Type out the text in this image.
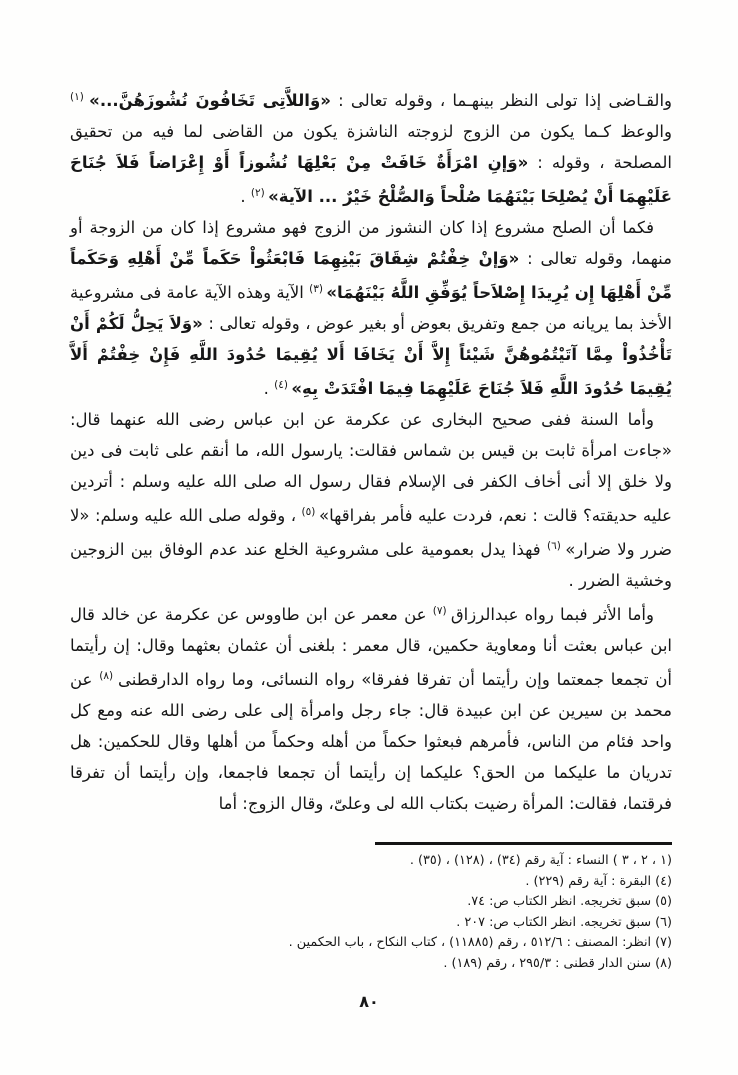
والقـاضى إذا تولى النظر بينهـما ، وقوله تعالى : «وَاللاَّتِى تَخَافُونَ نُشُوزَهُنَّ...» $^{(١)}$ والوعظ كـما يكون من الزوج لزوجته الناشزة يكون من القاضى لما فيه من تحقيق المصلحة ، وقوله : «وَإنِ امْرَأَةٌ خَافَتْ مِنْ بَعْلِهَا نُشُوزاً أَوْ إِعْرَاضاً فَلاَ جُنَاحَ عَلَيْهِمَا أَنْ يُصْلِحَا بَيْنَهُمَا صُلْحاً وَالصُّلْحُ خَيْرٌ ... الآية» $^{(٢)}$ .

فكما أن الصلح مشروع إذا كان النشوز من الزوج فهو مشروع إذا كان من الزوجة أو منهما، وقوله تعالى : «وَإنْ خِفْتُمْ شِقَاقَ بَيْنِهِمَا فَابْعَثُواْ حَكَماً مِّنْ أَهْلِهِ وَحَكَماً مِّنْ أَهْلِهَا إِن يُرِيدَا إِصْلاَحاً يُوَفِّقِ اللَّهُ بَيْنَهُمَا» $^{(٣)}$ الآية وهذه الآية عامة فى مشروعية الأخذ بما يريانه من جمع وتفريق بعوض أو بغير عوض ، وقوله تعالى : «وَلاَ يَحِلُّ لَكُمْ أَنْ تَأْخُذُواْ مِمَّا آتَيْتُمُوهُنَّ شَيْئاً إِلاَّ أَنْ يَخَافَا أَلا يُقِيمَا حُدُودَ اللَّهِ فَإِنْ خِفْتُمْ أَلاَّ يُقِيمَا حُدُودَ اللَّهِ فَلاَ جُنَاحَ عَلَيْهِمَا فِيمَا افْتَدَتْ بِهِ» $^{(٤)}$ .

وأما السنة ففى صحيح البخارى عن عكرمة عن ابن عباس رضى الله عنهما قال: «جاءت امرأة ثابت بن قيس بن شماس فقالت: يارسول الله، ما أنقم على ثابت فى دين ولا خلق إلا أنى أخاف الكفر فى الإسلام فقال رسول اله صلى الله عليه وسلم : أتردين عليه حديقته؟ قالت : نعم، فردت عليه فأمر بفراقها» $^{(٥)}$ ، وقوله صلى الله عليه وسلم: «لا ضرر ولا ضرار» $^{(٦)}$ فهذا يدل بعمومية على مشروعية الخلع عند عدم الوفاق بين الزوجين وخشية الضرر .

وأما الأثر فبما رواه عبدالرزاق $^{(٧)}$ عن معمر عن ابن طاووس عن عكرمة عن خالد قال ابن عباس بعثت أنا ومعاوية حكمين، قال معمر : بلغنى أن عثمان بعثهما وقال: إن رأيتما أن تجمعا جمعتما وإن رأيتما أن تفرقا ففرقا» رواه النسائى، وما رواه الدارقطنى $^{(٨)}$ عن محمد بن سيرين عن ابن عبيدة قال: جاء رجل وامرأة إلى على رضى الله عنه ومع كل واحد فئام من الناس، فأمرهم فبعثوا حكماً من أهله وحكماً من أهلها وقال للحكمين: هل تدريان ما عليكما من الحق؟ عليكما إن رأيتما أن تجمعا فاجمعا، وإن رأيتما أن تفرقا فرقتما، فقالت: المرأة رضيت بكتاب الله لى وعلىّ، وقال الزوج: أما

(١ ، ٢ ، ٣ ) النساء : آية رقم (٣٤) ، (١٢٨) ، (٣٥) .
(٤) البقرة : آية رقم (٢٢٩) .
(٥) سبق تخريجه. انظر الكتاب ص: ٧٤.
(٦) سبق تخريجه. انظر الكتاب ص: ٢٠٧ .
(٧) انظر: المصنف : ٥١٢/٦ ، رقم (١١٨٨٥) ، كتاب النكاح ، باب الحكمين .
(٨) سنن الدار قطنى : ٢٩٥/٣ ، رقم (١٨٩) .
٨٠
